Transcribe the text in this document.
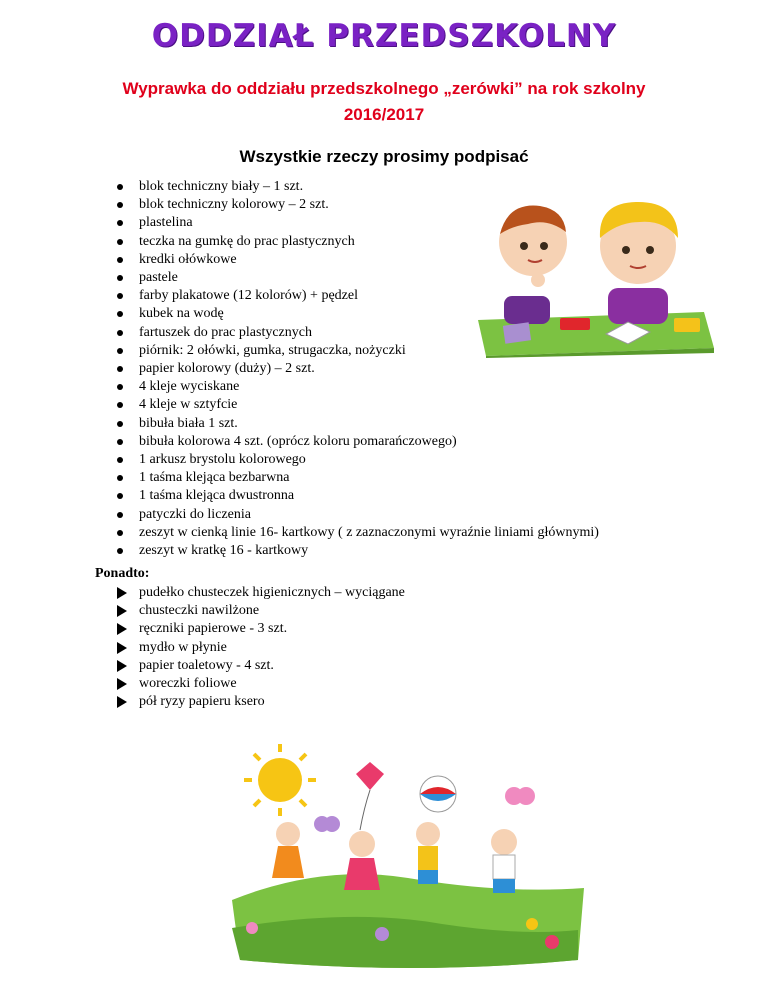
ODDZIAŁ PRZEDSZKOLNY
Wyprawka do oddziału przedszkolnego „zerówki” na rok szkolny
2016/2017
Wszystkie rzeczy prosimy podpisać
blok techniczny biały – 1 szt.
blok techniczny kolorowy – 2 szt.
plastelina
teczka na gumkę do prac plastycznych
kredki ołówkowe
pastele
farby plakatowe (12 kolorów) + pędzel
kubek na wodę
fartuszek do prac plastycznych
piórnik: 2 ołówki, gumka, strugaczka, nożyczki
papier kolorowy (duży) – 2 szt.
4 kleje wyciskane
4 kleje w sztyfcie
bibuła biała 1 szt.
bibuła kolorowa 4 szt. (oprócz koloru pomarańczowego)
1 arkusz brystolu kolorowego
1 taśma klejąca bezbarwna
1 taśma klejąca dwustronna
patyczki do liczenia
zeszyt w cienką linie 16- kartkowy ( z zaznaczonymi wyraźnie liniami głównymi)
zeszyt w kratkę 16 - kartkowy
Ponadto:
pudełko chusteczek higienicznych – wyciągane
chusteczki nawilżone
ręczniki papierowe - 3 szt.
mydło w płynie
papier toaletowy - 4 szt.
woreczki foliowe
pół ryzy papieru ksero
